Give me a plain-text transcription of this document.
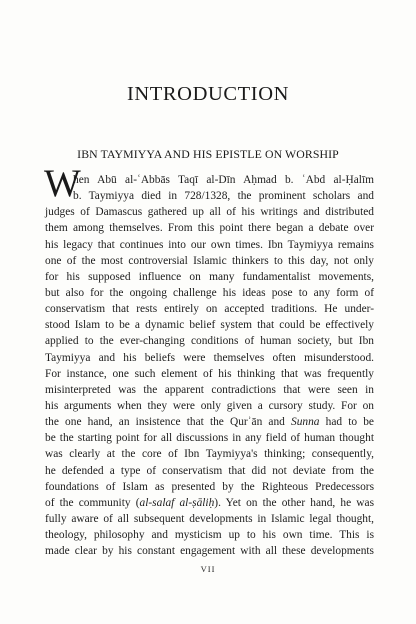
INTRODUCTION
IBN TAYMIYYA AND HIS EPISTLE ON WORSHIP
W
hen Abū al-ʿAbbās Taqī al-Dīn Aḥmad b. ʿAbd al-Ḥalīm
b. Taymiyya died in 728/1328, the prominent scholars and
judges of Damascus gathered up all of his writings and distributed
them among themselves. From this point there began a debate over
his legacy that continues into our own times. Ibn Taymiyya remains
one of the most controversial Islamic thinkers to this day, not only
for his supposed influence on many fundamentalist movements,
but also for the ongoing challenge his ideas pose to any form of
conservatism that rests entirely on accepted traditions. He under-
stood Islam to be a dynamic belief system that could be effectively
applied to the ever-changing conditions of human society, but Ibn
Taymiyya and his beliefs were themselves often misunderstood.
For instance, one such element of his thinking that was frequently
misinterpreted was the apparent contradictions that were seen in
his arguments when they were only given a cursory study. For on
the one hand, an insistence that the Qurʾān and Sunna had to be
be the starting point for all discussions in any field of human thought
was clearly at the core of Ibn Taymiyya's thinking; consequently,
he defended a type of conservatism that did not deviate from the
foundations of Islam as presented by the Righteous Predecessors
of the community (al-salaf al-ṣāliḥ). Yet on the other hand, he was
fully aware of all subsequent developments in Islamic legal thought,
theology, philosophy and mysticism up to his own time. This is
made clear by his constant engagement with all these developments
VII
